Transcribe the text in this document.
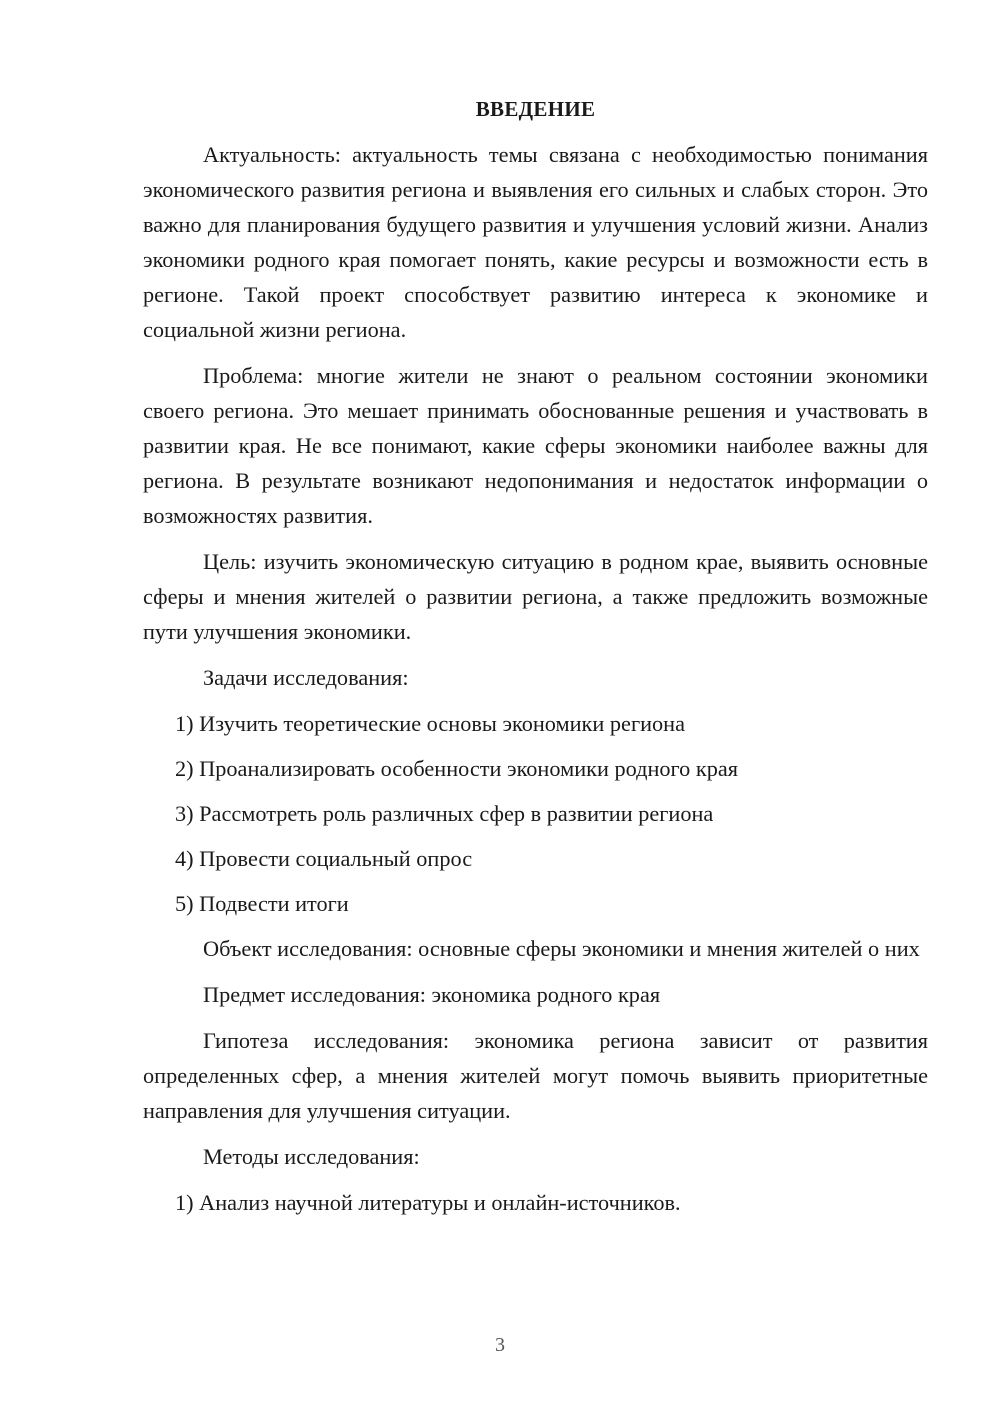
ВВЕДЕНИЕ

Актуальность: актуальность темы связана с необходимостью понимания экономического развития региона и выявления его сильных и слабых сторон. Это важно для планирования будущего развития и улучшения условий жизни. Анализ экономики родного края помогает понять, какие ресурсы и возможности есть в регионе. Такой проект способствует развитию интереса к экономике и социальной жизни региона.

Проблема: многие жители не знают о реальном состоянии экономики своего региона. Это мешает принимать обоснованные решения и участвовать в развитии края. Не все понимают, какие сферы экономики наиболее важны для региона. В результате возникают недопонимания и недостаток информации о возможностях развития.

Цель: изучить экономическую ситуацию в родном крае, выявить основные сферы и мнения жителей о развитии региона, а также предложить возможные пути улучшения экономики.

Задачи исследования:

1) Изучить теоретические основы экономики региона

2) Проанализировать особенности экономики родного края

3) Рассмотреть роль различных сфер в развитии региона

4) Провести социальный опрос

5) Подвести итоги

Объект исследования: основные сферы экономики и мнения жителей о них

Предмет исследования: экономика родного края

Гипотеза исследования: экономика региона зависит от развития определенных сфер, а мнения жителей могут помочь выявить приоритетные направления для улучшения ситуации.

Методы исследования:

1) Анализ научной литературы и онлайн-источников.

3
